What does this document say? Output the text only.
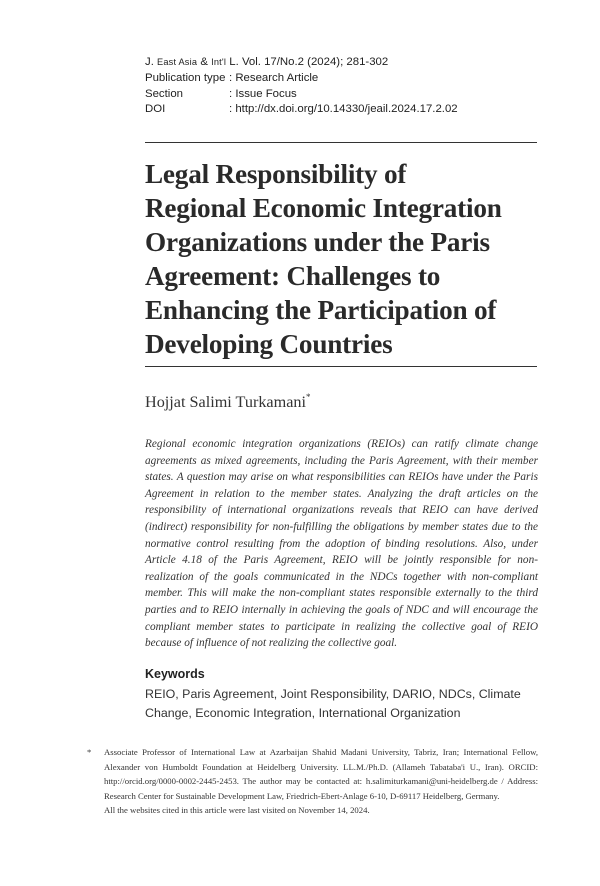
J. East Asia & Int'l L. Vol. 17/No.2 (2024); 281-302
Publication type : Research Article
Section	: Issue Focus
DOI	: http://dx.doi.org/10.14330/jeail.2024.17.2.02
Legal Responsibility of
Regional Economic Integration
Organizations under the Paris
Agreement: Challenges to
Enhancing the Participation of
Developing Countries
Hojjat Salimi Turkamani*
Regional economic integration organizations (REIOs) can ratify climate change agreements as mixed agreements, including the Paris Agreement, with their member states. A question may arise on what responsibilities can REIOs have under the Paris Agreement in relation to the member states. Analyzing the draft articles on the responsibility of international organizations reveals that REIO can have derived (indirect) responsibility for non-fulfilling the obligations by member states due to the normative control resulting from the adoption of binding resolutions. Also, under Article 4.18 of the Paris Agreement, REIO will be jointly responsible for non-realization of the goals communicated in the NDCs together with non-compliant member. This will make the non-compliant states responsible externally to the third parties and to REIO internally in achieving the goals of NDC and will encourage the compliant member states to participate in realizing the collective goal of REIO because of influence of not realizing the collective goal.
Keywords
REIO, Paris Agreement, Joint Responsibility, DARIO, NDCs, Climate Change, Economic Integration, International Organization
* Associate Professor of International Law at Azarbaijan Shahid Madani University, Tabriz, Iran; International Fellow, Alexander von Humboldt Foundation at Heidelberg University. LL.M./Ph.D. (Allameh Tabataba'i U., Iran). ORCID: http://orcid.org/0000-0002-2445-2453. The author may be contacted at: h.salimiturkamani@uni-heidelberg.de / Address: Research Center for Sustainable Development Law, Friedrich-Ebert-Anlage 6-10, D-69117 Heidelberg, Germany.
All the websites cited in this article were last visited on November 14, 2024.
